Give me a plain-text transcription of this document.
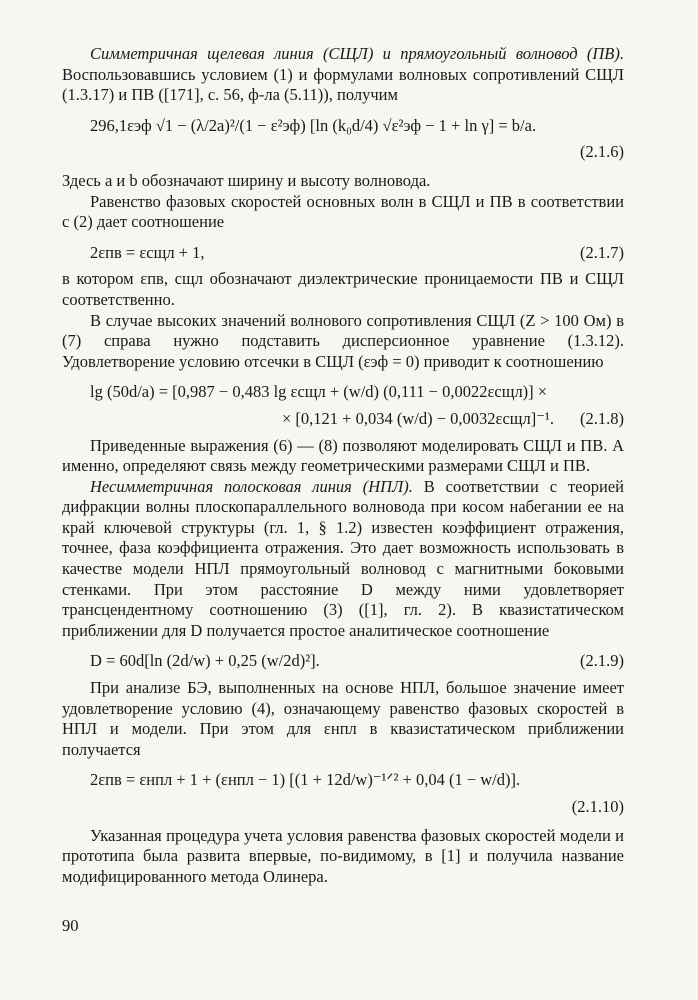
Симметричная щелевая линия (СЩЛ) и прямоугольный волновод (ПВ). Воспользовавшись условием (1) и формулами волновых сопротивлений СЩЛ (1.3.17) и ПВ ([171], с. 56, ф-ла (5.11)), получим

296,1εэф √1 − (λ/2a)²/(1 − ε²эф) [ln (k₀d/4) √ε²эф − 1 + ln γ] = b/a.
(2.1.6)

Здесь a и b обозначают ширину и высоту волновода.

Равенство фазовых скоростей основных волн в СЩЛ и ПВ в соответствии с (2) дает соотношение

2εпв = εсщл + 1,	(2.1.7)

в котором εпв, сщл обозначают диэлектрические проницаемости ПВ и СЩЛ соответственно.

В случае высоких значений волнового сопротивления СЩЛ (Z > 100 Ом) в (7) справа нужно подставить дисперсионное уравнение (1.3.12). Удовлетворение условию отсечки в СЩЛ (εэф = 0) приводит к соотношению

lg (50d/a) = [0,987 − 0,483 lg εсщл + (w/d) (0,111 − 0,0022εсщл)] ×
× [0,121 + 0,034 (w/d) − 0,0032εсщл]⁻¹. (2.1.8)

Приведенные выражения (6) — (8) позволяют моделировать СЩЛ и ПВ. А именно, определяют связь между геометрическими размерами СЩЛ и ПВ.

Несимметричная полосковая линия (НПЛ). В соответствии с теорией дифракции волны плоскопараллельного волновода при косом набегании ее на край ключевой структуры (гл. 1, § 1.2) известен коэффициент отражения, точнее, фаза коэффициента отражения. Это дает возможность использовать в качестве модели НПЛ прямоугольный волновод с магнитными боковыми стенками. При этом расстояние D между ними удовлетворяет трансцендентному соотношению (3) ([1], гл. 2). В квазистатическом приближении для D получается простое аналитическое соотношение

D = 60d[ln (2d/w) + 0,25 (w/2d)²].	(2.1.9)

При анализе БЭ, выполненных на основе НПЛ, большое значение имеет удовлетворение условию (4), означающему равенство фазовых скоростей в НПЛ и модели. При этом для εнпл в квазистатическом приближении получается

2εпв = εнпл + 1 + (εнпл − 1) [(1 + 12d/w)⁻¹ᐟ² + 0,04 (1 − w/d)].
(2.1.10)

Указанная процедура учета условия равенства фазовых скоростей модели и прототипа была развита впервые, по-видимому, в [1] и получила название модифицированного метода Олинера.

90
